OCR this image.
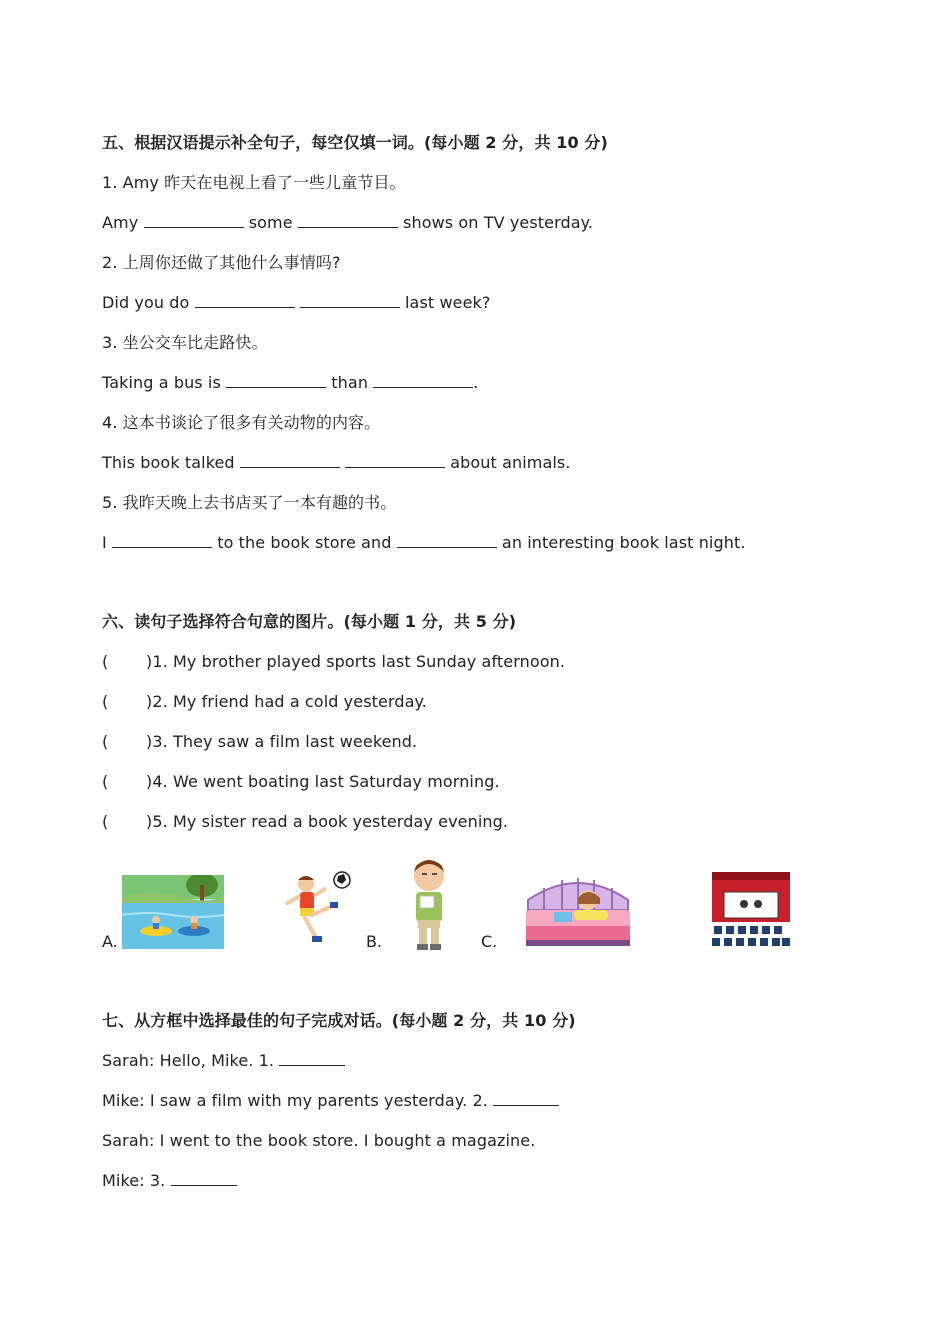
五、根据汉语提示补全句子，每空仅填一词。(每小题 2 分，共 10 分)
1. Amy 昨天在电视上看了一些儿童节目。
Amy	some	shows on TV yesterday.
2. 上周你还做了其他什么事情吗?
Did you do	last week?
3. 坐公交车比走路快。
Taking a bus is	than	.
4. 这本书谈论了很多有关动物的内容。
This book talked	about animals.
5. 我昨天晚上去书店买了一本有趣的书。
I	to the book store and	an interesting book last night.
六、读句子选择符合句意的图片。(每小题 1 分，共 5 分)
( )1. My brother played sports last Sunday afternoon.
( )2. My friend had a cold yesterday.
( )3. They saw a film last weekend.
( )4. We went boating last Saturday morning.
( )5. My sister read a book yesterday evening.
A.	B.	C.
七、从方框中选择最佳的句子完成对话。(每小题 2 分，共 10 分)
Sarah: Hello, Mike. 1.
Mike: I saw a film with my parents yesterday. 2.
Sarah: I went to the book store. I bought a magazine.
Mike: 3.
